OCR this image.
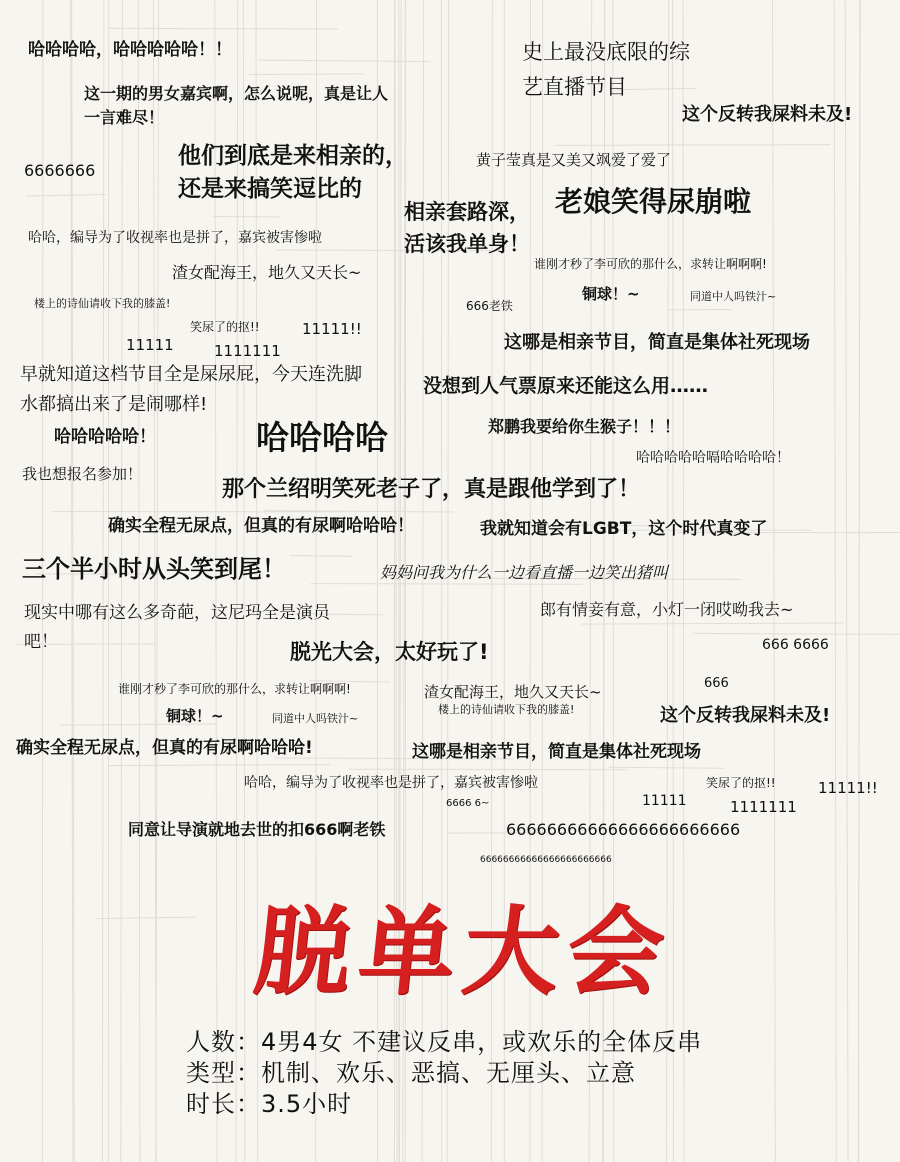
哈哈哈哈，哈哈哈哈哈！！	史上最没底限的综
艺直播节目
这一期的男女嘉宾啊，怎么说呢，真是让人
一言难尽！	这个反转我屎料未及!
6666666
他们到底是来相亲的，
还是来搞笑逗比的
黄子莹真是又美又飒爱了爱了
相亲套路深， 老娘笑得尿崩啦
活该我单身！
哈哈，编导为了收视率也是拼了，嘉宾被害惨啦
渣女配海王，地久又天长~	谁刚才秒了李可欣的那什么，求转让啊啊啊!
楼上的诗仙请收下我的膝盖!
铜球！~	同道中人吗铁汁~
666老铁
笑尿了的抠!!	11111!!
11111	1111111	这哪是相亲节目，简直是集体社死现场
早就知道这档节目全是屎尿屁，今天连洗脚
水都搞出来了是闹哪样!
没想到人气票原来还能这么用……
哈哈哈哈哈！	哈哈哈哈	郑鹏我要给你生猴子！！！
哈哈哈哈哈嗝哈哈哈哈！
我也想报名参加！
那个兰绍明笑死老子了，真是跟他学到了！
确实全程无尿点，但真的有尿啊哈哈哈！	我就知道会有LGBT，这个时代真变了
三个半小时从头笑到尾！	妈妈问我为什么一边看直播一边笑出猪叫
现实中哪有这么多奇葩，这尼玛全是演员
吧！
郎有情妾有意，小灯一闭哎呦我去~
脱光大会，太好玩了!	666 6666
谁刚才秒了李可欣的那什么，求转让啊啊啊!	渣女配海王，地久又天长~	666
铜球！~	同道中人吗铁汁~
楼上的诗仙请收下我的膝盖!	这个反转我屎料未及!
确实全程无尿点，但真的有尿啊哈哈哈!	这哪是相亲节目，简直是集体社死现场
哈哈，编导为了收视率也是拼了，嘉宾被害惨啦	笑尿了的抠!!	11111!!
6666 6~	11111	1111111
同意让导演就地去世的扣666啊老铁	66666666666666666666666
66666666666666666666666
脱单大会
人数：4男4女 不建议反串，或欢乐的全体反串
类型：机制、欢乐、恶搞、无厘头、立意
时长：3.5小时
